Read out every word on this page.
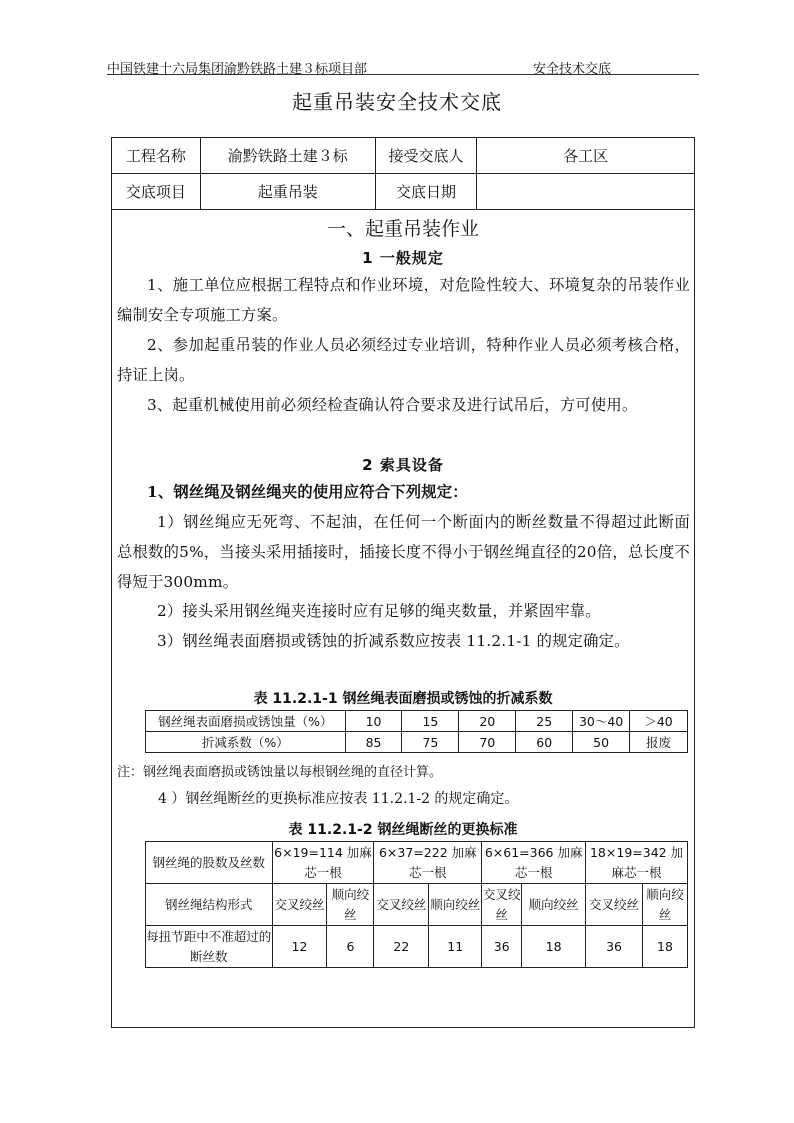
中国铁建十六局集团渝黔铁路土建３标项目部	安全技术交底
起重吊装安全技术交底
工程名称	渝黔铁路土建３标	接受交底人	各工区
交底项目	起重吊装	交底日期	
一、起重吊装作业
1 一般规定
1、施工单位应根据工程特点和作业环境，对危险性较大、环境复杂的吊装作业编制安全专项施工方案。
2、参加起重吊装的作业人员必须经过专业培训，特种作业人员必须考核合格，持证上岗。
3、起重机械使用前必须经检查确认符合要求及进行试吊后，方可使用。
2 索具设备
1、钢丝绳及钢丝绳夹的使用应符合下列规定：
1）钢丝绳应无死弯、不起油，在任何一个断面内的断丝数量不得超过此断面总根数的5%，当接头采用插接时，插接长度不得小于钢丝绳直径的20倍，总长度不得短于300mm。
2）接头采用钢丝绳夹连接时应有足够的绳夹数量，并紧固牢靠。
3）钢丝绳表面磨损或锈蚀的折减系数应按表 11.2.1-1 的规定确定。
表 11.2.1-1 钢丝绳表面磨损或锈蚀的折减系数
钢丝绳表面磨损或锈蚀量（%）	10	15	20	25	30～40	＞40
折减系数（%）	85	75	70	60	50	报废
注：钢丝绳表面磨损或锈蚀量以每根钢丝绳的直径计算。
4 ）钢丝绳断丝的更换标准应按表 11.2.1-2 的规定确定。
表 11.2.1-2 钢丝绳断丝的更换标准
钢丝绳的股数及丝数	6×19=114 加麻芯一根		6×37=222 加麻芯一根		6×61=366 加麻芯一根		18×19=342 加麻芯一根	
钢丝绳结构形式	交叉绞丝	顺向绞丝	交叉绞丝	顺向绞丝	交叉绞丝	顺向绞丝	交叉绞丝	顺向绞丝
每扭节距中不准超过的断丝数	12	6	22	11	36	18	36	18
